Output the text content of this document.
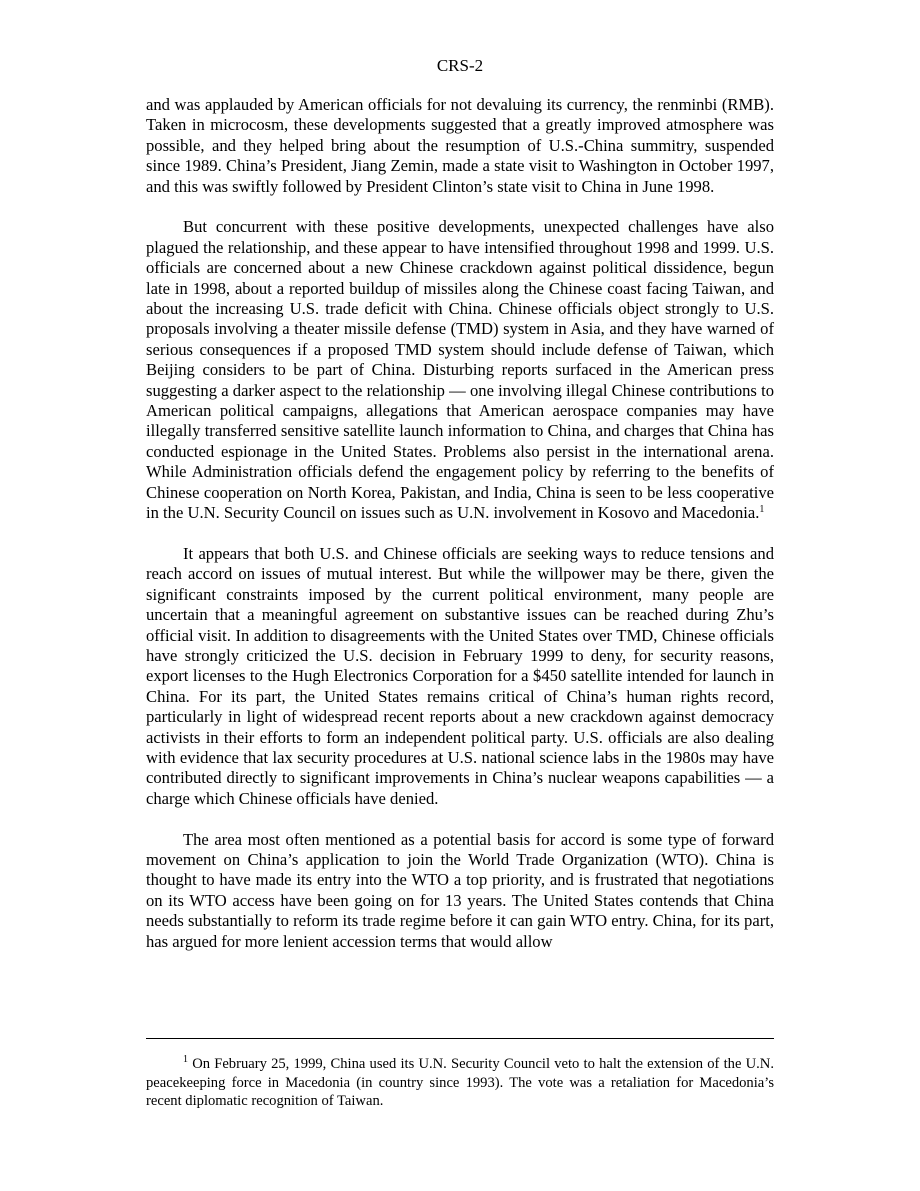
CRS-2

and was applauded by American officials for not devaluing its currency, the renminbi (RMB). Taken in microcosm, these developments suggested that a greatly improved atmosphere was possible, and they helped bring about the resumption of U.S.-China summitry, suspended since 1989. China’s President, Jiang Zemin, made a state visit to Washington in October 1997, and this was swiftly followed by President Clinton’s state visit to China in June 1998.

But concurrent with these positive developments, unexpected challenges have also plagued the relationship, and these appear to have intensified throughout 1998 and 1999. U.S. officials are concerned about a new Chinese crackdown against political dissidence, begun late in 1998, about a reported buildup of missiles along the Chinese coast facing Taiwan, and about the increasing U.S. trade deficit with China. Chinese officials object strongly to U.S. proposals involving a theater missile defense (TMD) system in Asia, and they have warned of serious consequences if a proposed TMD system should include defense of Taiwan, which Beijing considers to be part of China. Disturbing reports surfaced in the American press suggesting a darker aspect to the relationship — one involving illegal Chinese contributions to American political campaigns, allegations that American aerospace companies may have illegally transferred sensitive satellite launch information to China, and charges that China has conducted espionage in the United States. Problems also persist in the international arena. While Administration officials defend the engagement policy by referring to the benefits of Chinese cooperation on North Korea, Pakistan, and India, China is seen to be less cooperative in the U.N. Security Council on issues such as U.N. involvement in Kosovo and Macedonia.$^1$

It appears that both U.S. and Chinese officials are seeking ways to reduce tensions and reach accord on issues of mutual interest. But while the willpower may be there, given the significant constraints imposed by the current political environment, many people are uncertain that a meaningful agreement on substantive issues can be reached during Zhu’s official visit. In addition to disagreements with the United States over TMD, Chinese officials have strongly criticized the U.S. decision in February 1999 to deny, for security reasons, export licenses to the Hugh Electronics Corporation for a $450 satellite intended for launch in China. For its part, the United States remains critical of China’s human rights record, particularly in light of widespread recent reports about a new crackdown against democracy activists in their efforts to form an independent political party. U.S. officials are also dealing with evidence that lax security procedures at U.S. national science labs in the 1980s may have contributed directly to significant improvements in China’s nuclear weapons capabilities — a charge which Chinese officials have denied.

The area most often mentioned as a potential basis for accord is some type of forward movement on China’s application to join the World Trade Organization (WTO). China is thought to have made its entry into the WTO a top priority, and is frustrated that negotiations on its WTO access have been going on for 13 years. The United States contends that China needs substantially to reform its trade regime before it can gain WTO entry. China, for its part, has argued for more lenient accession terms that would allow

$^1$ On February 25, 1999, China used its U.N. Security Council veto to halt the extension of the U.N. peacekeeping force in Macedonia (in country since 1993). The vote was a retaliation for Macedonia’s recent diplomatic recognition of Taiwan.
